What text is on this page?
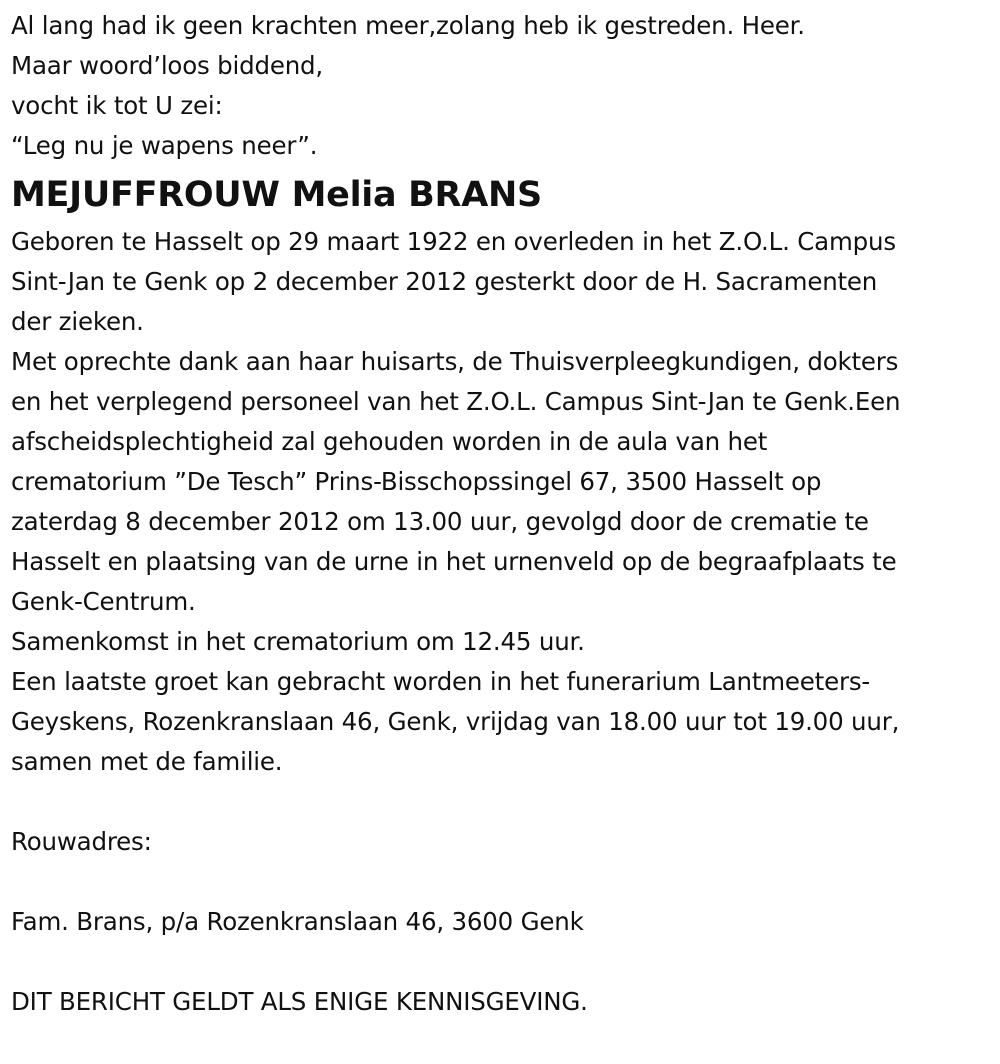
Al lang had ik geen krachten meer,zolang heb ik gestreden. Heer.
Maar woord’loos biddend,
vocht ik tot U zei:
“Leg nu je wapens neer”.
MEJUFFROUW Melia BRANS
Geboren te Hasselt op 29 maart 1922 en overleden in het Z.O.L. Campus
Sint-Jan te Genk op 2 december 2012 gesterkt door de H. Sacramenten
der zieken.
Met oprechte dank aan haar huisarts, de Thuisverpleegkundigen, dokters
en het verplegend personeel van het Z.O.L. Campus Sint-Jan te Genk.Een
afscheidsplechtigheid zal gehouden worden in de aula van het
crematorium ”De Tesch” Prins-Bisschopssingel 67, 3500 Hasselt op
zaterdag 8 december 2012 om 13.00 uur, gevolgd door de crematie te
Hasselt en plaatsing van de urne in het urnenveld op de begraafplaats te
Genk-Centrum.
Samenkomst in het crematorium om 12.45 uur.
Een laatste groet kan gebracht worden in het funerarium Lantmeeters-
Geyskens, Rozenkranslaan 46, Genk, vrijdag van 18.00 uur tot 19.00 uur,
samen met de familie.
Rouwadres:
Fam. Brans, p/a Rozenkranslaan 46, 3600 Genk
DIT BERICHT GELDT ALS ENIGE KENNISGEVING.
